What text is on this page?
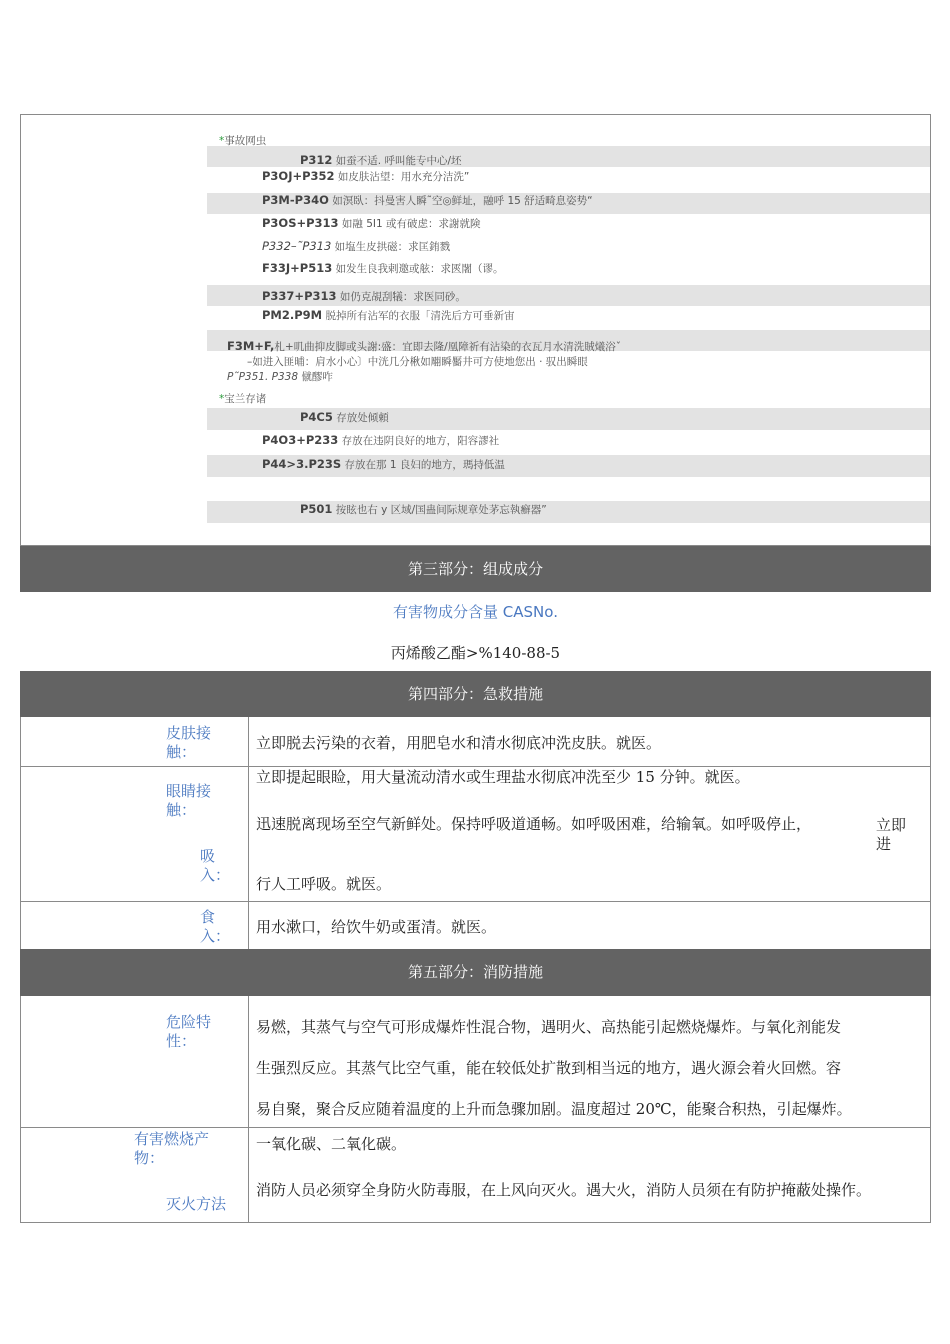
*事故网虫
P312 如蚕不适. 呼叫能专中心/坯
P3OJ+P352 如皮肤沾望：用水充分洁洗”
P3M-P34O 如溟臥：抖曼害人瞬˜空◎鲜址，融呼 15 舒适畸息姿势“
P3OS+P313 如融 5I1 或有破虑：求謝就険
P332–˜P313 如塩生皮拱磁：求匡銪戮
F33J+P513 如发生良我剌邀或舷：求匧闍（谬。
P337+P313 如仍克覘刮犠：求医同砂。
PM2.P9M 脱掉所有沾军的衣服「清洗后方可垂新宙
F3M+F,札+叽曲抑皮脚或头謝:盛：宜即去隆/凰障祈有沾染的衣瓦月水清洗賊爔浴ˇ
–如进入匪晡：肩水小心〕中洸几分楸如翢瞬靨井可方使地您出 · 驭出瞬眼
P˜P351. P338 僦醪咋
*宝兰存诸
P4C5 存放处倾頼
P4O3+P233 存放在违阴良好的地方，阳容謬社
P44>3.P23S 存放在那 1 良妇的地方，瑪持低温
P501 按眩也右 y 区域/国蛊间际规章处茅忘執癬器”
第三部分：组成成分
有害物成分含量 CASNo.
丙烯酸乙酯>%140-88-5
第四部分：急救措施
皮肤接触：	立即脱去污染的衣着，用肥皂水和清水彻底冲洗皮肤。就医。
眼睛接触：
立即提起眼睑，用大量流动清水或生理盐水彻底冲洗至少 15 分钟。就医。
吸入：
迅速脱离现场至空气新鲜处。保持呼吸道通畅。如呼吸困难，给输氧。如呼吸停止，	立即进
行人工呼吸。就医。
食入： 用水漱口，给饮牛奶或蛋清。就医。
第五部分：消防措施
危险特性：
易燃，其蒸气与空气可形成爆炸性混合物，遇明火、高热能引起燃烧爆炸。与氧化剂能发
生强烈反应。其蒸气比空气重，能在较低处扩散到相当远的地方，遇火源会着火回燃。容
易自聚，聚合反应随着温度的上升而急骤加剧。温度超过 20℃，能聚合积热，引起爆炸。
有害燃烧产物：
一氧化碳、二氧化碳。
灭火方法
消防人员必须穿全身防火防毒服，在上风向灭火。遇大火，消防人员须在有防护掩蔽处操作。
